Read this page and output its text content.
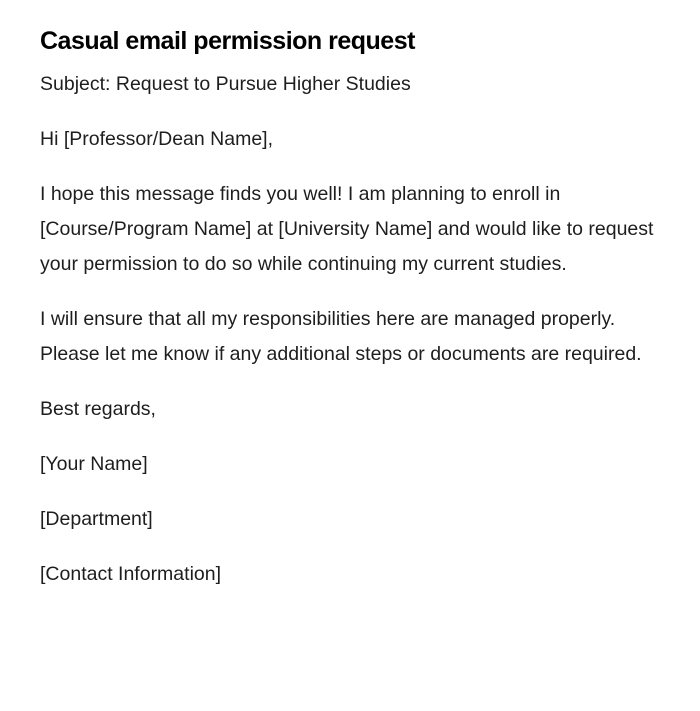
Casual email permission request

Subject: Request to Pursue Higher Studies

Hi [Professor/Dean Name],

I hope this message finds you well! I am planning to enroll in [Course/Program Name] at [University Name] and would like to request your permission to do so while continuing my current studies.

I will ensure that all my responsibilities here are managed properly. Please let me know if any additional steps or documents are required.

Best regards,

[Your Name]

[Department]

[Contact Information]
